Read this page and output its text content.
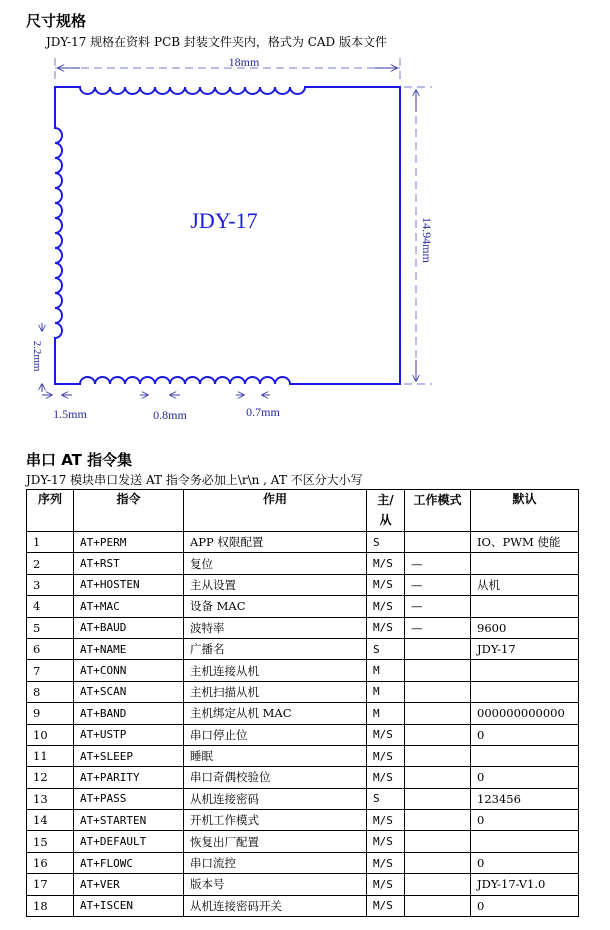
尺寸规格
JDY-17 规格在资料 PCB 封装文件夹内，格式为 CAD 版本文件
JDY-17
18mm
14.94mm
2.2mm
1.5mm	0.8mm	0.7mm
串口 AT 指令集
JDY-17 模块串口发送 AT 指令务必加上\r\n , AT 不区分大小写
序列	指令	作用	主/从	工作模式	默认
1	AT+PERM	APP 权限配置	S		IO、PWM 使能
2	AT+RST	复位	M/S	—	
3	AT+HOSTEN	主从设置	M/S	—	从机
4	AT+MAC	设备 MAC	M/S	—	
5	AT+BAUD	波特率	M/S	—	9600
6	AT+NAME	广播名	S		JDY-17
7	AT+CONN	主机连接从机	M		
8	AT+SCAN	主机扫描从机	M		
9	AT+BAND	主机绑定从机 MAC	M		000000000000
10	AT+USTP	串口停止位	M/S		0
11	AT+SLEEP	睡眠	M/S		
12	AT+PARITY	串口奇偶校验位	M/S		0
13	AT+PASS	从机连接密码	S		123456
14	AT+STARTEN	开机工作模式	M/S		0
15	AT+DEFAULT	恢复出厂配置	M/S		
16	AT+FLOWC	串口流控	M/S		0
17	AT+VER	版本号	M/S		JDY-17-V1.0
18	AT+ISCEN	从机连接密码开关	M/S		0
